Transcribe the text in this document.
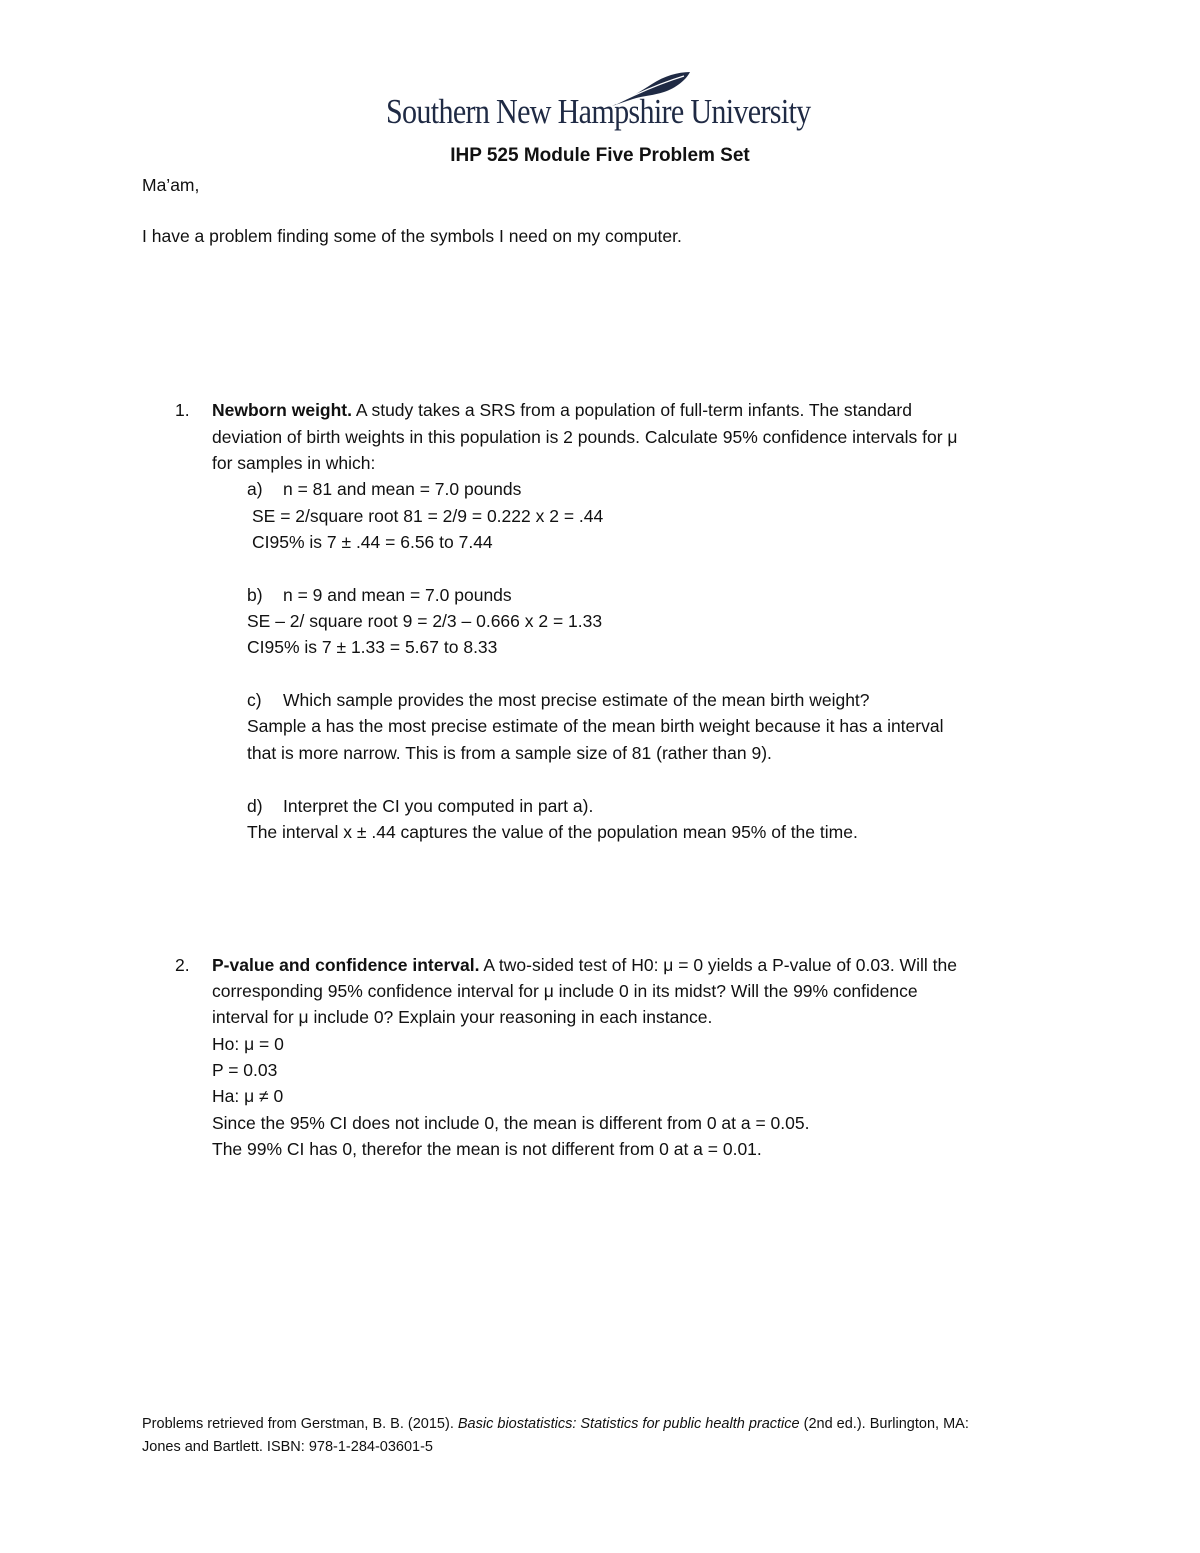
Southern New Hampshire University
IHP 525 Module Five Problem Set
Ma’am,
I have a problem finding some of the symbols I need on my computer.
1. Newborn weight. A study takes a SRS from a population of full-term infants. The standard
deviation of birth weights in this population is 2 pounds. Calculate 95% confidence intervals for μ
for samples in which:
a) n = 81 and mean = 7.0 pounds
SE = 2/square root 81 = 2/9 = 0.222 x 2 = .44
CI95% is 7 ± .44 = 6.56 to 7.44
b) n = 9 and mean = 7.0 pounds
SE – 2/ square root 9 = 2/3 – 0.666 x 2 = 1.33
CI95% is 7 ± 1.33 = 5.67 to 8.33
c) Which sample provides the most precise estimate of the mean birth weight?
Sample a has the most precise estimate of the mean birth weight because it has a interval
that is more narrow. This is from a sample size of 81 (rather than 9).
d) Interpret the CI you computed in part a).
The interval x ± .44 captures the value of the population mean 95% of the time.
2. P-value and confidence interval. A two-sided test of H0: μ = 0 yields a P-value of 0.03. Will the
corresponding 95% confidence interval for μ include 0 in its midst? Will the 99% confidence
interval for μ include 0? Explain your reasoning in each instance.
Ho: μ = 0
P = 0.03
Ha: μ ≠ 0
Since the 95% CI does not include 0, the mean is different from 0 at a = 0.05.
The 99% CI has 0, therefor the mean is not different from 0 at a = 0.01.
Problems retrieved from Gerstman, B. B. (2015). Basic biostatistics: Statistics for public health practice (2nd ed.). Burlington, MA:
Jones and Bartlett. ISBN: 978-1-284-03601-5
